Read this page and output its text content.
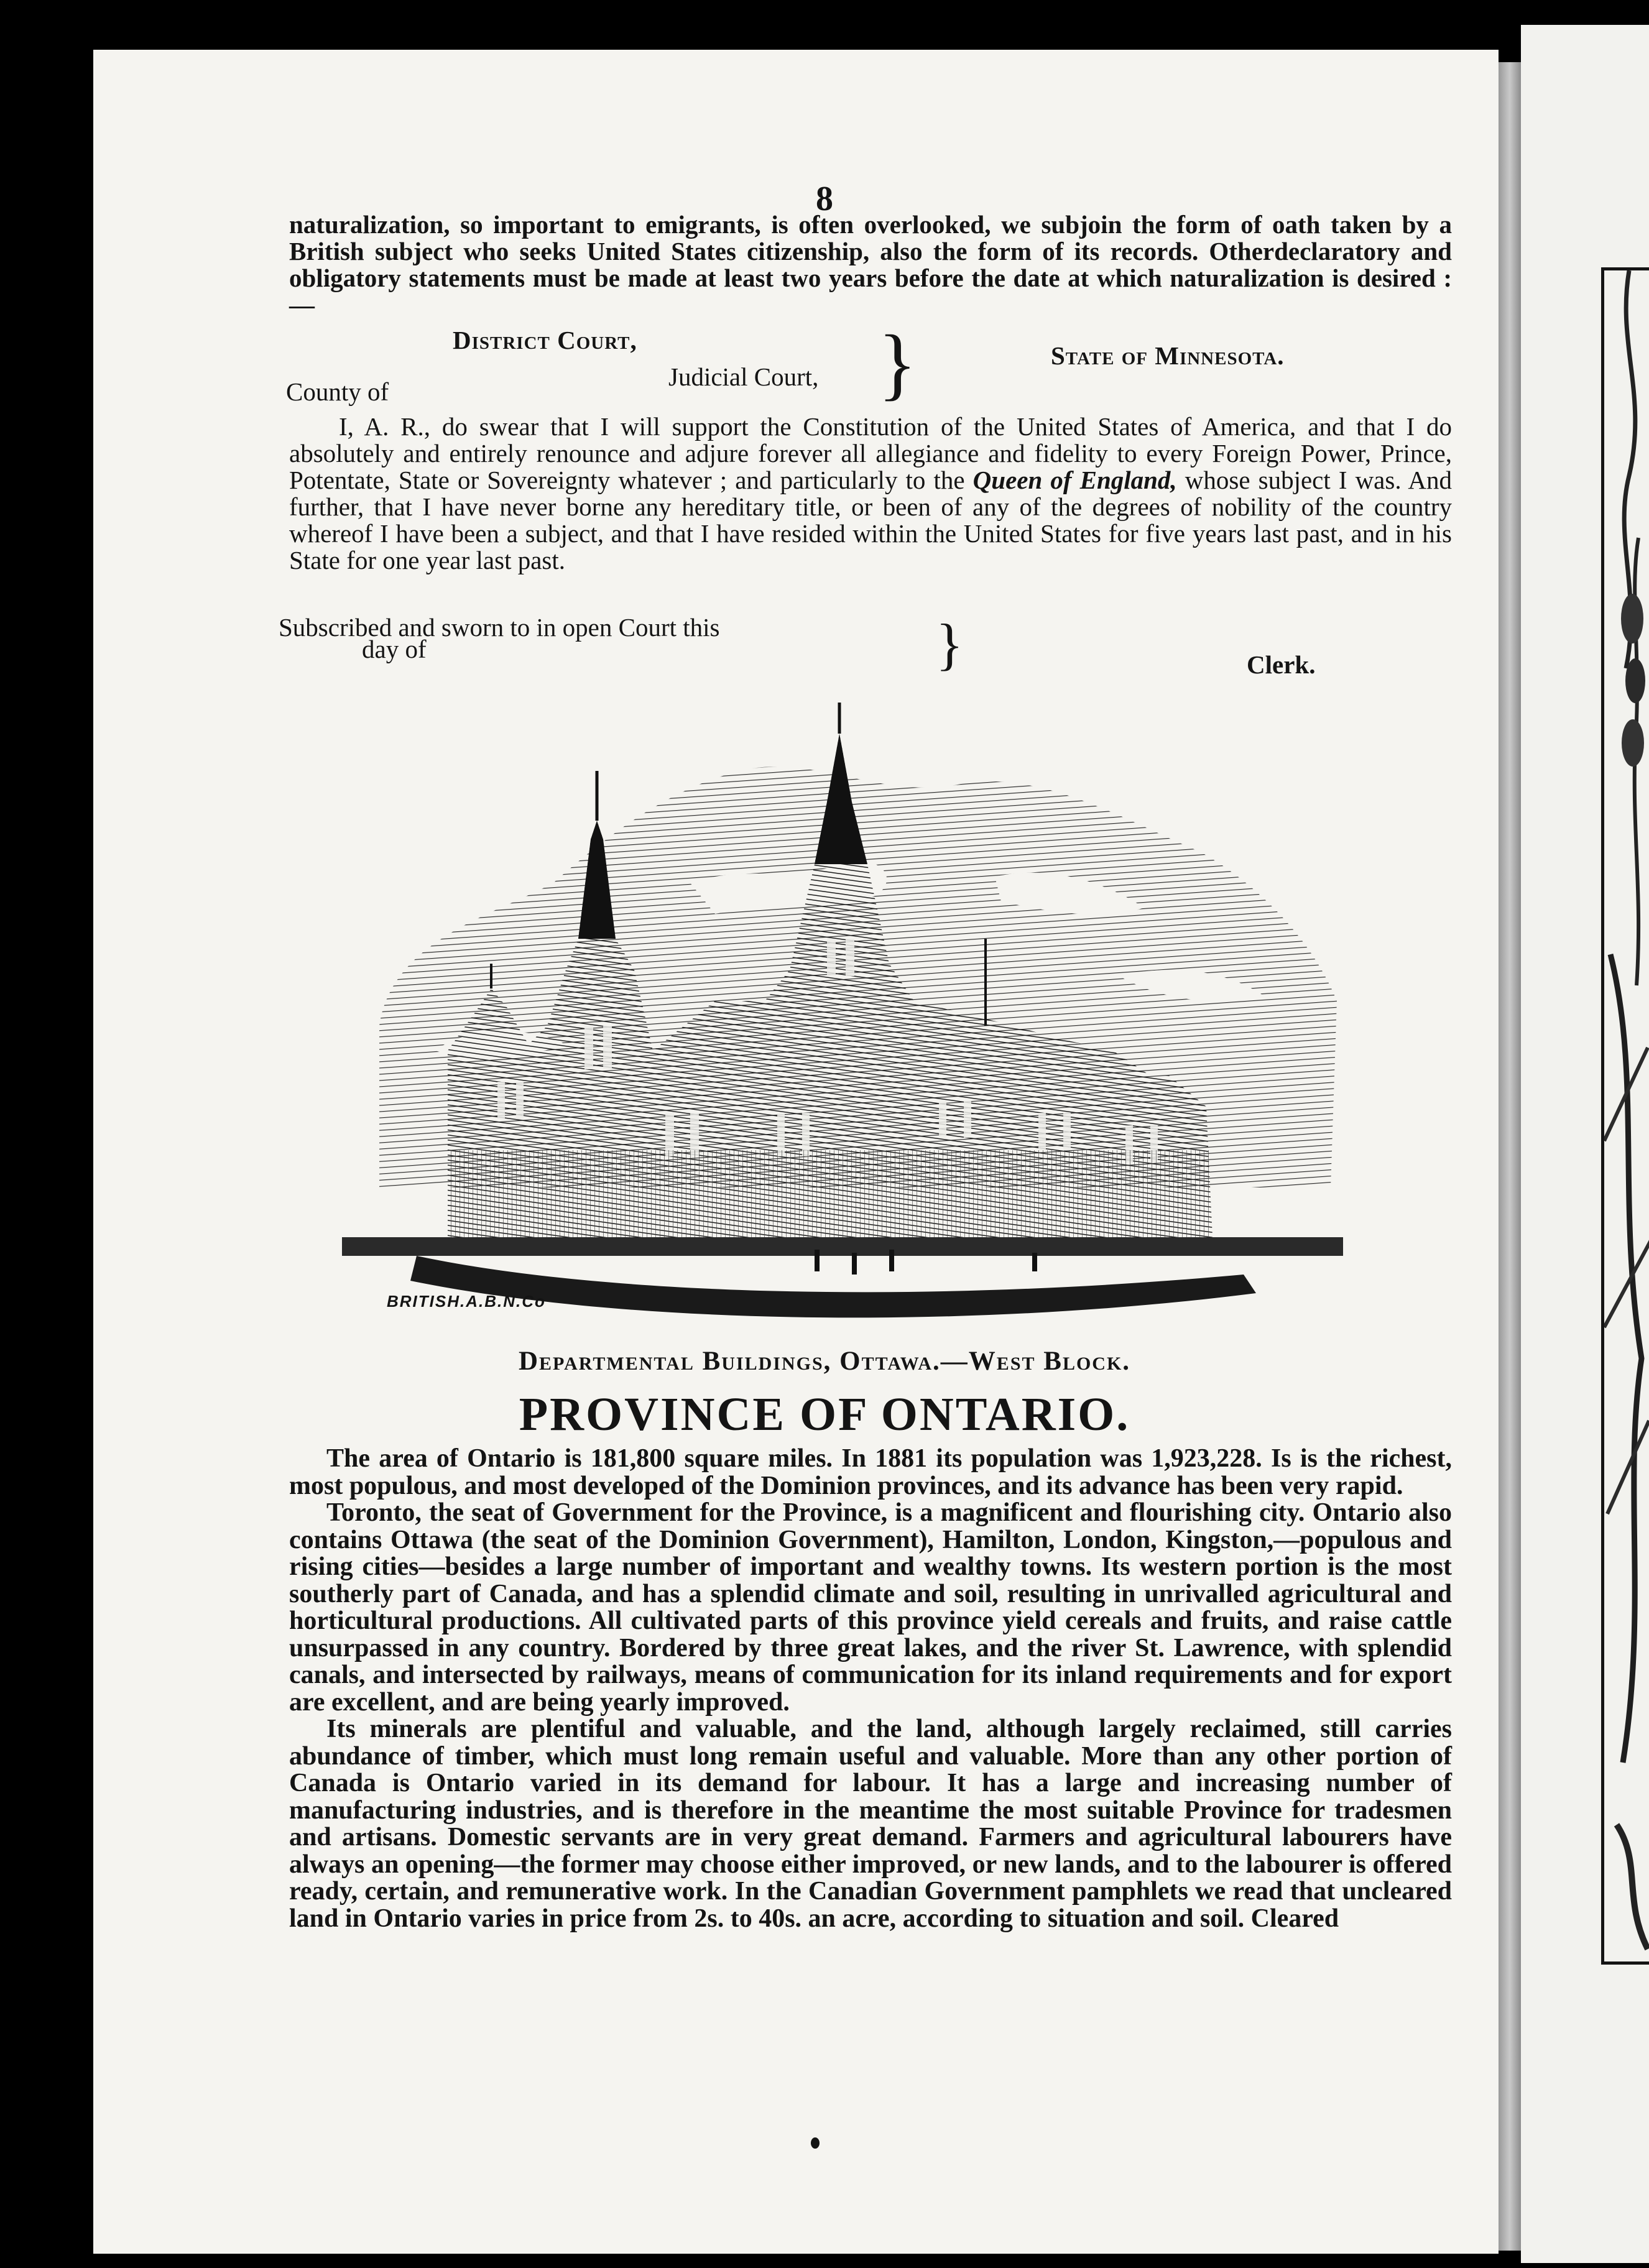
8

naturalization, so important to emigrants, is often overlooked, we subjoin the form of oath taken by a British subject who seeks United States citizenship, also the form of its records. Otherdeclaratory and obligatory statements must be made at least two years before the date at which naturalization is desired :—

District Court,
Judicial Court, }	State of Minnesota.
County of

I, A. R., do swear that I will support the Constitution of the United States of America, and that I do absolutely and entirely renounce and adjure forever all allegiance and fidelity to every Foreign Power, Prince, Potentate, State or Sovereignty whatever ; and particularly to the Queen of England, whose subject I was. And further, that I have never borne any hereditary title, or been of any of the degrees of nobility of the country whereof I have been a subject, and that I have resided within the United States for five years last past, and in his State for one year last past.

Subscribed and sworn to in open Court this
day of	}	Clerk.
BRITISH.A.B.N.Co
Departmental Buildings, Ottawa.—West Block.
PROVINCE OF ONTARIO.

The area of Ontario is 181,800 square miles. In 1881 its population was 1,923,228. Is is the richest, most populous, and most developed of the Dominion provinces, and its advance has been very rapid.

Toronto, the seat of Government for the Province, is a magnificent and flourishing city. Ontario also contains Ottawa (the seat of the Dominion Government), Hamilton, London, Kingston,—populous and rising cities—besides a large number of important and wealthy towns. Its western portion is the most southerly part of Canada, and has a splendid climate and soil, resulting in unrivalled agricultural and horticultural productions. All cultivated parts of this province yield cereals and fruits, and raise cattle unsurpassed in any country. Bordered by three great lakes, and the river St. Lawrence, with splendid canals, and intersected by railways, means of communication for its inland requirements and for export are excellent, and are being yearly improved.

Its minerals are plentiful and valuable, and the land, although largely reclaimed, still carries abundance of timber, which must long remain useful and valuable. More than any other portion of Canada is Ontario varied in its demand for labour. It has a large and increasing number of manufacturing industries, and is therefore in the meantime the most suitable Province for tradesmen and artisans. Domestic servants are in very great demand. Farmers and agricultural labourers have always an opening—the former may choose either improved, or new lands, and to the labourer is offered ready, certain, and remunerative work. In the Canadian Government pamphlets we read that uncleared land in Ontario varies in price from 2s. to 40s. an acre, according to situation and soil. Cleared
